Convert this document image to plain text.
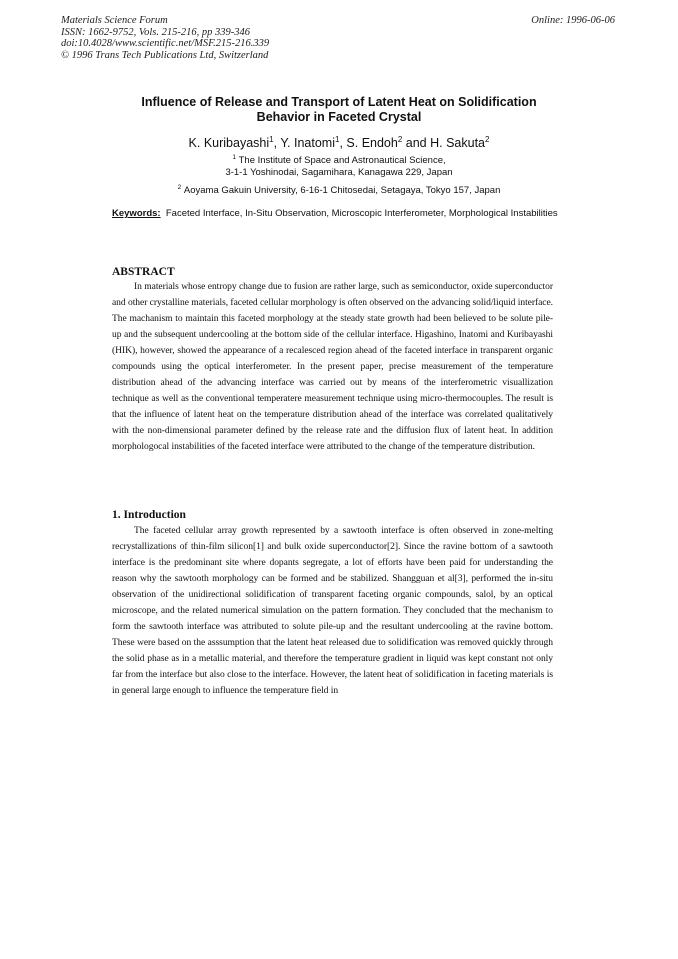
Materials Science Forum
ISSN: 1662-9752, Vols. 215-216, pp 339-346
doi:10.4028/www.scientific.net/MSF.215-216.339
© 1996 Trans Tech Publications Ltd, Switzerland
Online: 1996-06-06
Influence of Release and Transport of Latent Heat on Solidification
Behavior in Faceted Crystal
K. Kuribayashi$^1$, Y. Inatomi$^1$, S. Endoh$^2$ and H. Sakuta$^2$
$^1$ The Institute of Space and Astronautical Science,
3-1-1 Yoshinodai, Sagamihara, Kanagawa 229, Japan
$^2$ Aoyama Gakuin University, 6-16-1 Chitosedai, Setagaya, Tokyo 157, Japan
Keywords: Faceted Interface, In-Situ Observation, Microscopic Interferometer, Morphological Instabilities
ABSTRACT
In materials whose entropy change due to fusion are rather large, such as semiconductor, oxide superconductor and other crystalline materials, faceted cellular morphology is often observed on the advancing solid/liquid interface. The machanism to maintain this faceted morphology at the steady state growth had been believed to be solute pile-up and the subsequent undercooling at the bottom side of the cellular interface. Higashino, Inatomi and Kuribayashi (HIK), however, showed the appearance of a recalesced region ahead of the faceted interface in transparent organic compounds using the optical interferometer. In the present paper, precise measurement of the temperature distribution ahead of the advancing interface was carried out by means of the interferometric visuallization technique as well as the conventional temperatere measurement technique using micro-thermocouples. The result is that the influence of latent heat on the temperature distribution ahead of the interface was correlated qualitatively with the non-dimensional parameter defined by the release rate and the diffusion flux of latent heat. In addition morphologocal instabilities of the faceted interface were attributed to the change of the temperature distribution.
1. Introduction
The faceted cellular array growth represented by a sawtooth interface is often observed in zone-melting recrystallizations of thin-film silicon[1] and bulk oxide superconductor[2]. Since the ravine bottom of a sawtooth interface is the predominant site where dopants segregate, a lot of efforts have been paid for understanding the reason why the sawtooth morphology can be formed and be stabilized. Shangguan et al[3], performed the in-situ observation of the unidirectional solidification of transparent faceting organic compounds, salol, by an optical microscope, and the related numerical simulation on the pattern formation. They concluded that the mechanism to form the sawtooth interface was attributed to solute pile-up and the resultant undercooling at the ravine bottom. These were based on the asssumption that the latent heat released due to solidification was removed quickly through the solid phase as in a metallic material, and therefore the temperature gradient in liquid was kept constant not only far from the interface but also close to the interface. However, the latent heat of solidification in faceting materials is in general large enough to influence the temperature field in
